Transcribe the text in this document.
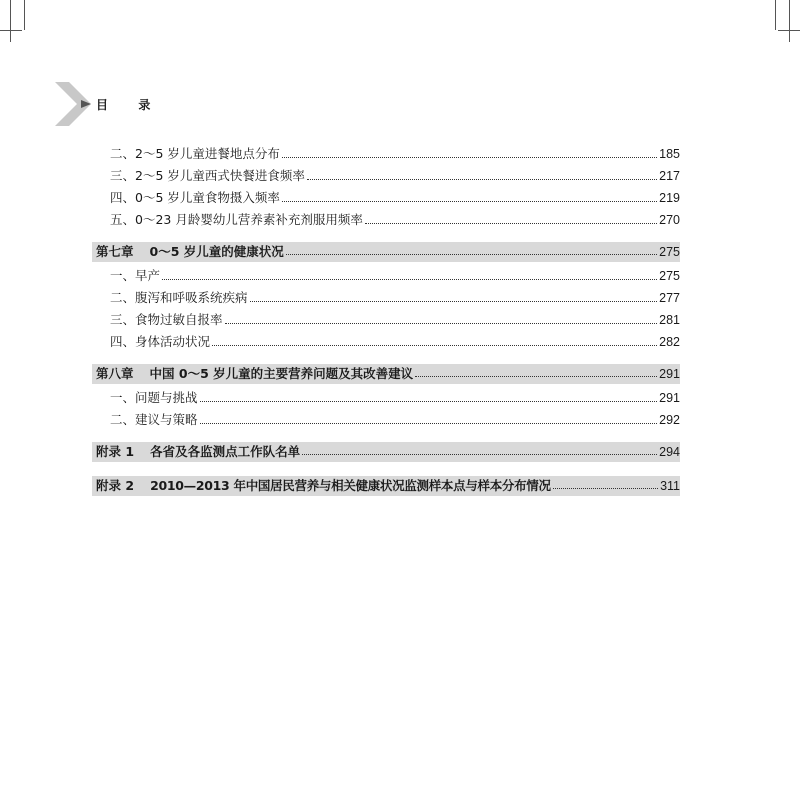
目	录
二、2～5 岁儿童进餐地点分布	185
三、2～5 岁儿童西式快餐进食频率	217
四、0～5 岁儿童食物摄入频率	219
五、0～23 月龄婴幼儿营养素补充剂服用频率	270
第七章 0～5 岁儿童的健康状况	275
一、早产	275
二、腹泻和呼吸系统疾病	277
三、食物过敏自报率	281
四、身体活动状况	282
第八章 中国 0～5 岁儿童的主要营养问题及其改善建议	291
一、问题与挑战	291
二、建议与策略	292
附录 1 各省及各监测点工作队名单	294
附录 2 2010—2013 年中国居民营养与相关健康状况监测样本点与样本分布情况	311
